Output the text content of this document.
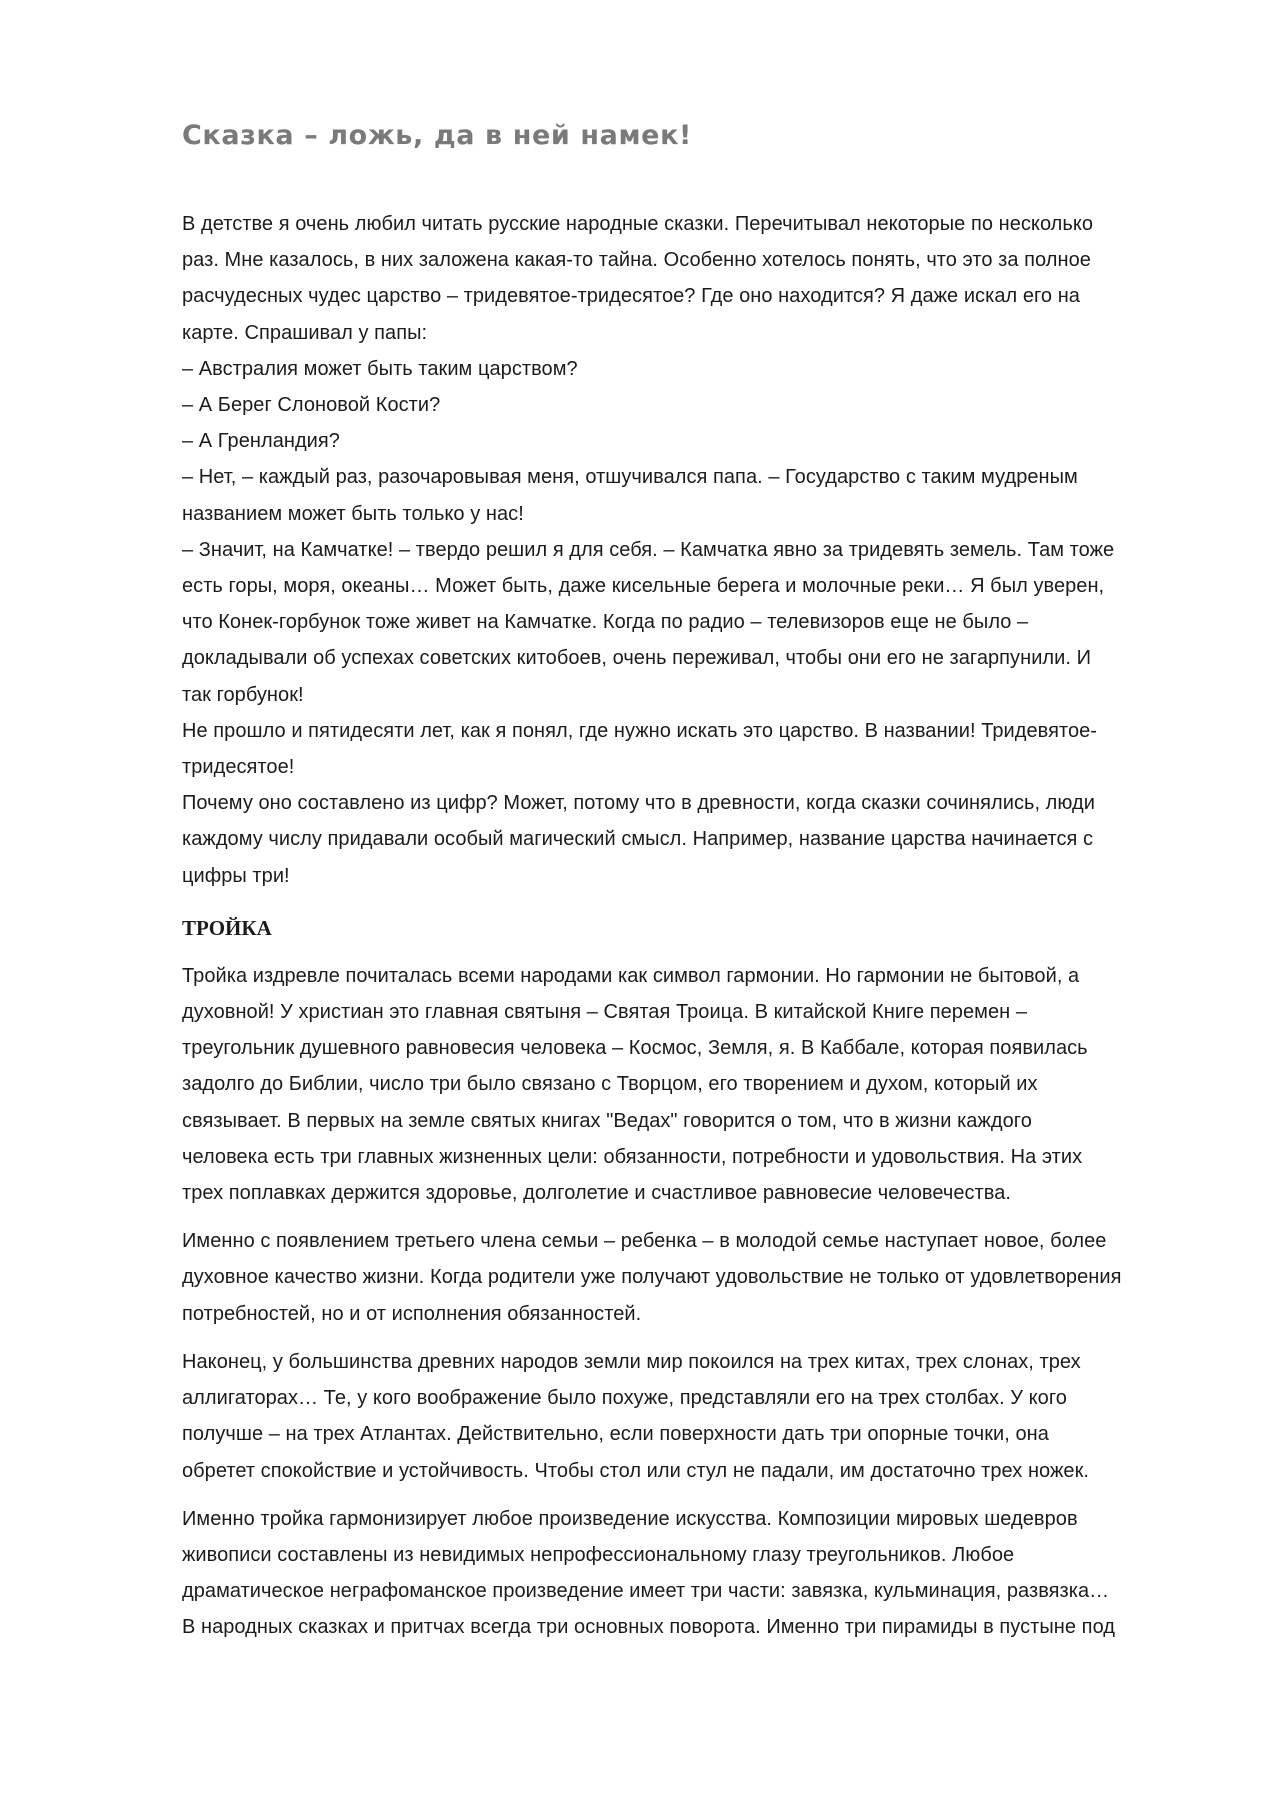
Сказка – ложь, да в ней намек!
В детстве я очень любил читать русские народные сказки. Перечитывал некоторые по несколько
раз. Мне казалось, в них заложена какая-то тайна. Особенно хотелось понять, что это за полное
расчудесных чудес царство – тридевятое-тридесятое? Где оно находится? Я даже искал его на
карте. Спрашивал у папы:
– Австралия может быть таким царством?
– А Берег Слоновой Кости?
– А Гренландия?
– Нет, – каждый раз, разочаровывая меня, отшучивался папа. – Государство с таким мудреным
названием может быть только у нас!
– Значит, на Камчатке! – твердо решил я для себя. – Камчатка явно за тридевять земель. Там тоже
есть горы, моря, океаны… Может быть, даже кисельные берега и молочные реки… Я был уверен,
что Конек-горбунок тоже живет на Камчатке. Когда по радио – телевизоров еще не было –
докладывали об успехах советских китобоев, очень переживал, чтобы они его не загарпунили. И
так горбунок!
Не прошло и пятидесяти лет, как я понял, где нужно искать это царство. В названии! Тридевятое-
тридесятое!
Почему оно составлено из цифр? Может, потому что в древности, когда сказки сочинялись, люди
каждому числу придавали особый магический смысл. Например, название царства начинается с
цифры три!
ТРОЙКА
Тройка издревле почиталась всеми народами как символ гармонии. Но гармонии не бытовой, а
духовной! У христиан это главная святыня – Святая Троица. В китайской Книге перемен –
треугольник душевного равновесия человека – Космос, Земля, я. В Каббале, которая появилась
задолго до Библии, число три было связано с Творцом, его творением и духом, который их
связывает. В первых на земле святых книгах "Ведах" говорится о том, что в жизни каждого
человека есть три главных жизненных цели: обязанности, потребности и удовольствия. На этих
трех поплавках держится здоровье, долголетие и счастливое равновесие человечества.
Именно с появлением третьего члена семьи – ребенка – в молодой семье наступает новое, более
духовное качество жизни. Когда родители уже получают удовольствие не только от удовлетворения
потребностей, но и от исполнения обязанностей.
Наконец, у большинства древних народов земли мир покоился на трех китах, трех слонах, трех
аллигаторах… Те, у кого воображение было похуже, представляли его на трех столбах. У кого
получше – на трех Атлантах. Действительно, если поверхности дать три опорные точки, она
обретет спокойствие и устойчивость. Чтобы стол или стул не падали, им достаточно трех ножек.
Именно тройка гармонизирует любое произведение искусства. Композиции мировых шедевров
живописи составлены из невидимых непрофессиональному глазу треугольников. Любое
драматическое неграфоманское произведение имеет три части: завязка, кульминация, развязка…
В народных сказках и притчах всегда три основных поворота. Именно три пирамиды в пустыне под
